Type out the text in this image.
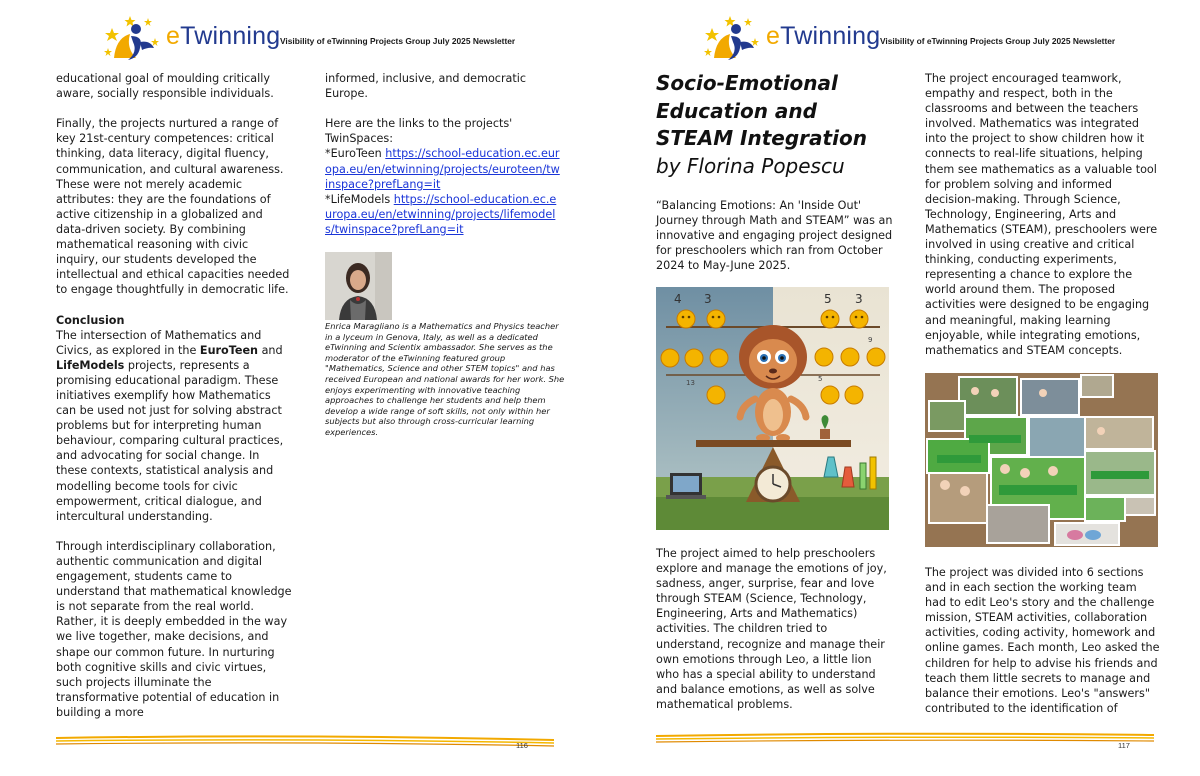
eTwinning Visibility of eTwinning Projects Group July 2025 Newsletter

educational goal of moulding critically aware, socially responsible individuals.

Finally, the projects nurtured a range of key 21st-century competences: critical thinking, data literacy, digital fluency, communication, and cultural awareness. These were not merely academic attributes: they are the foundations of active citizenship in a globalized and data-driven society. By combining mathematical reasoning with civic inquiry, our students developed the intellectual and ethical capacities needed to engage thoughtfully in democratic life.

Conclusion

The intersection of Mathematics and Civics, as explored in the EuroTeen and LifeModels projects, represents a promising educational paradigm. These initiatives exemplify how Mathematics can be used not just for solving abstract problems but for interpreting human behaviour, comparing cultural practices, and advocating for social change. In these contexts, statistical analysis and modelling become tools for civic empowerment, critical dialogue, and intercultural understanding.

Through interdisciplinary collaboration, authentic communication and digital engagement, students came to understand that mathematical knowledge is not separate from the real world. Rather, it is deeply embedded in the way we live together, make decisions, and shape our common future. In nurturing both cognitive skills and civic virtues, such projects illuminate the transformative potential of education in building a more

informed, inclusive, and democratic Europe.

Here are the links to the projects' TwinSpaces:

*EuroTeen https://school-education.ec.europa.eu/en/etwinning/projects/euroteen/twinspace?prefLang=it
*LifeModels https://school-education.ec.europa.eu/en/etwinning/projects/lifemodels/twinspace?prefLang=it
Enrica Maragliano is a Mathematics and Physics teacher in a lyceum in Genova, Italy, as well as a dedicated eTwinning and Scientix ambassador. She serves as the moderator of the eTwinning featured group "Mathematics, Science and other STEM topics" and has received European and national awards for her work. She enjoys experimenting with innovative teaching approaches to challenge her students and help them develop a wide range of soft skills, not only within her subjects but also through cross-curricular learning experiences.
116
eTwinning Visibility of eTwinning Projects Group July 2025 Newsletter
Socio-Emotional Education and STEAM Integration
by Florina Popescu

“Balancing Emotions: An 'Inside Out' Journey through Math and STEAM” was an innovative and engaging project designed for preschoolers which ran from October 2024 to May-June 2025.

4 3	5 3
13
9
5

The project aimed to help preschoolers explore and manage the emotions of joy, sadness, anger, surprise, fear and love through STEAM (Science, Technology, Engineering, Arts and Mathematics) activities. The children tried to understand, recognize and manage their own emotions through Leo, a little lion who has a special ability to understand and balance emotions, as well as solve mathematical problems.

The project encouraged teamwork, empathy and respect, both in the classrooms and between the teachers involved. Mathematics was integrated into the project to show children how it connects to real-life situations, helping them see mathematics as a valuable tool for problem solving and informed decision-making. Through Science, Technology, Engineering, Arts and Mathematics (STEAM), preschoolers were involved in using creative and critical thinking, conducting experiments, representing a chance to explore the world around them. The proposed activities were designed to be engaging and meaningful, making learning enjoyable, while integrating emotions, mathematics and STEAM concepts.

The project was divided into 6 sections and in each section the working team had to edit Leo's story and the challenge mission, STEAM activities, collaboration activities, coding activity, homework and online games. Each month, Leo asked the children for help to advise his friends and teach them little secrets to manage and balance their emotions. Leo's "answers" contributed to the identification of

117
